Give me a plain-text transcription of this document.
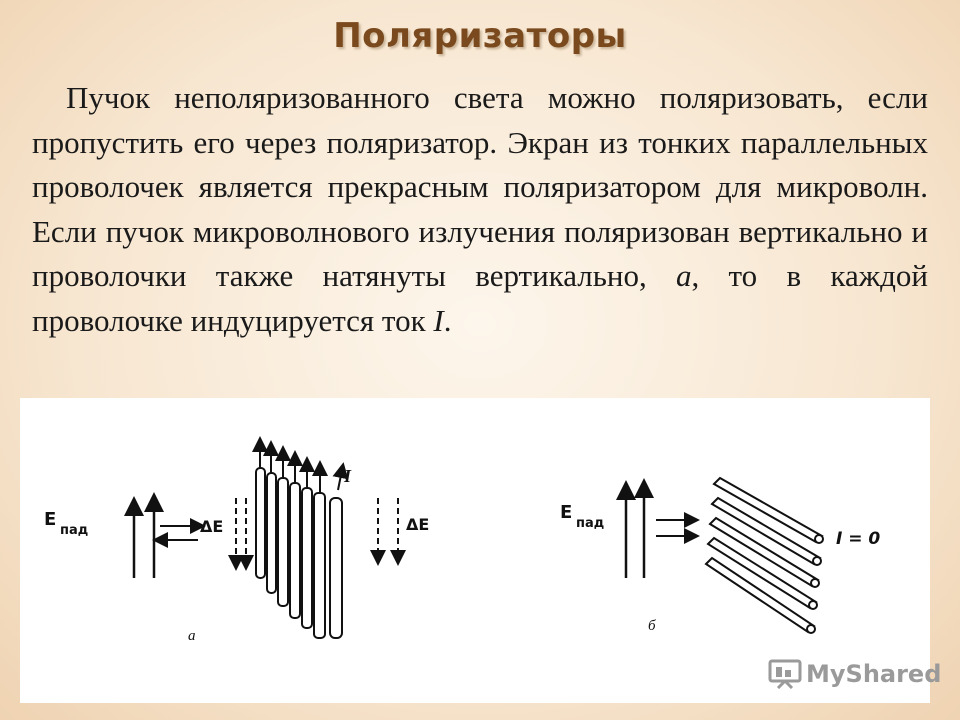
Поляризаторы
Пучок неполяризованного света можно поляризовать, если пропустить его через поляризатор. Экран из тонких параллельных проволочек является прекрасным поляризатором для микроволн. Если пучок микроволнового излучения поляризован вертикально и проволочки также натянуты вертикально, а, то в каждой проволочке индуцируется ток I.
E
пад	ΔE
I
ΔE
а
E
пад
I = 0
б
MyShared
